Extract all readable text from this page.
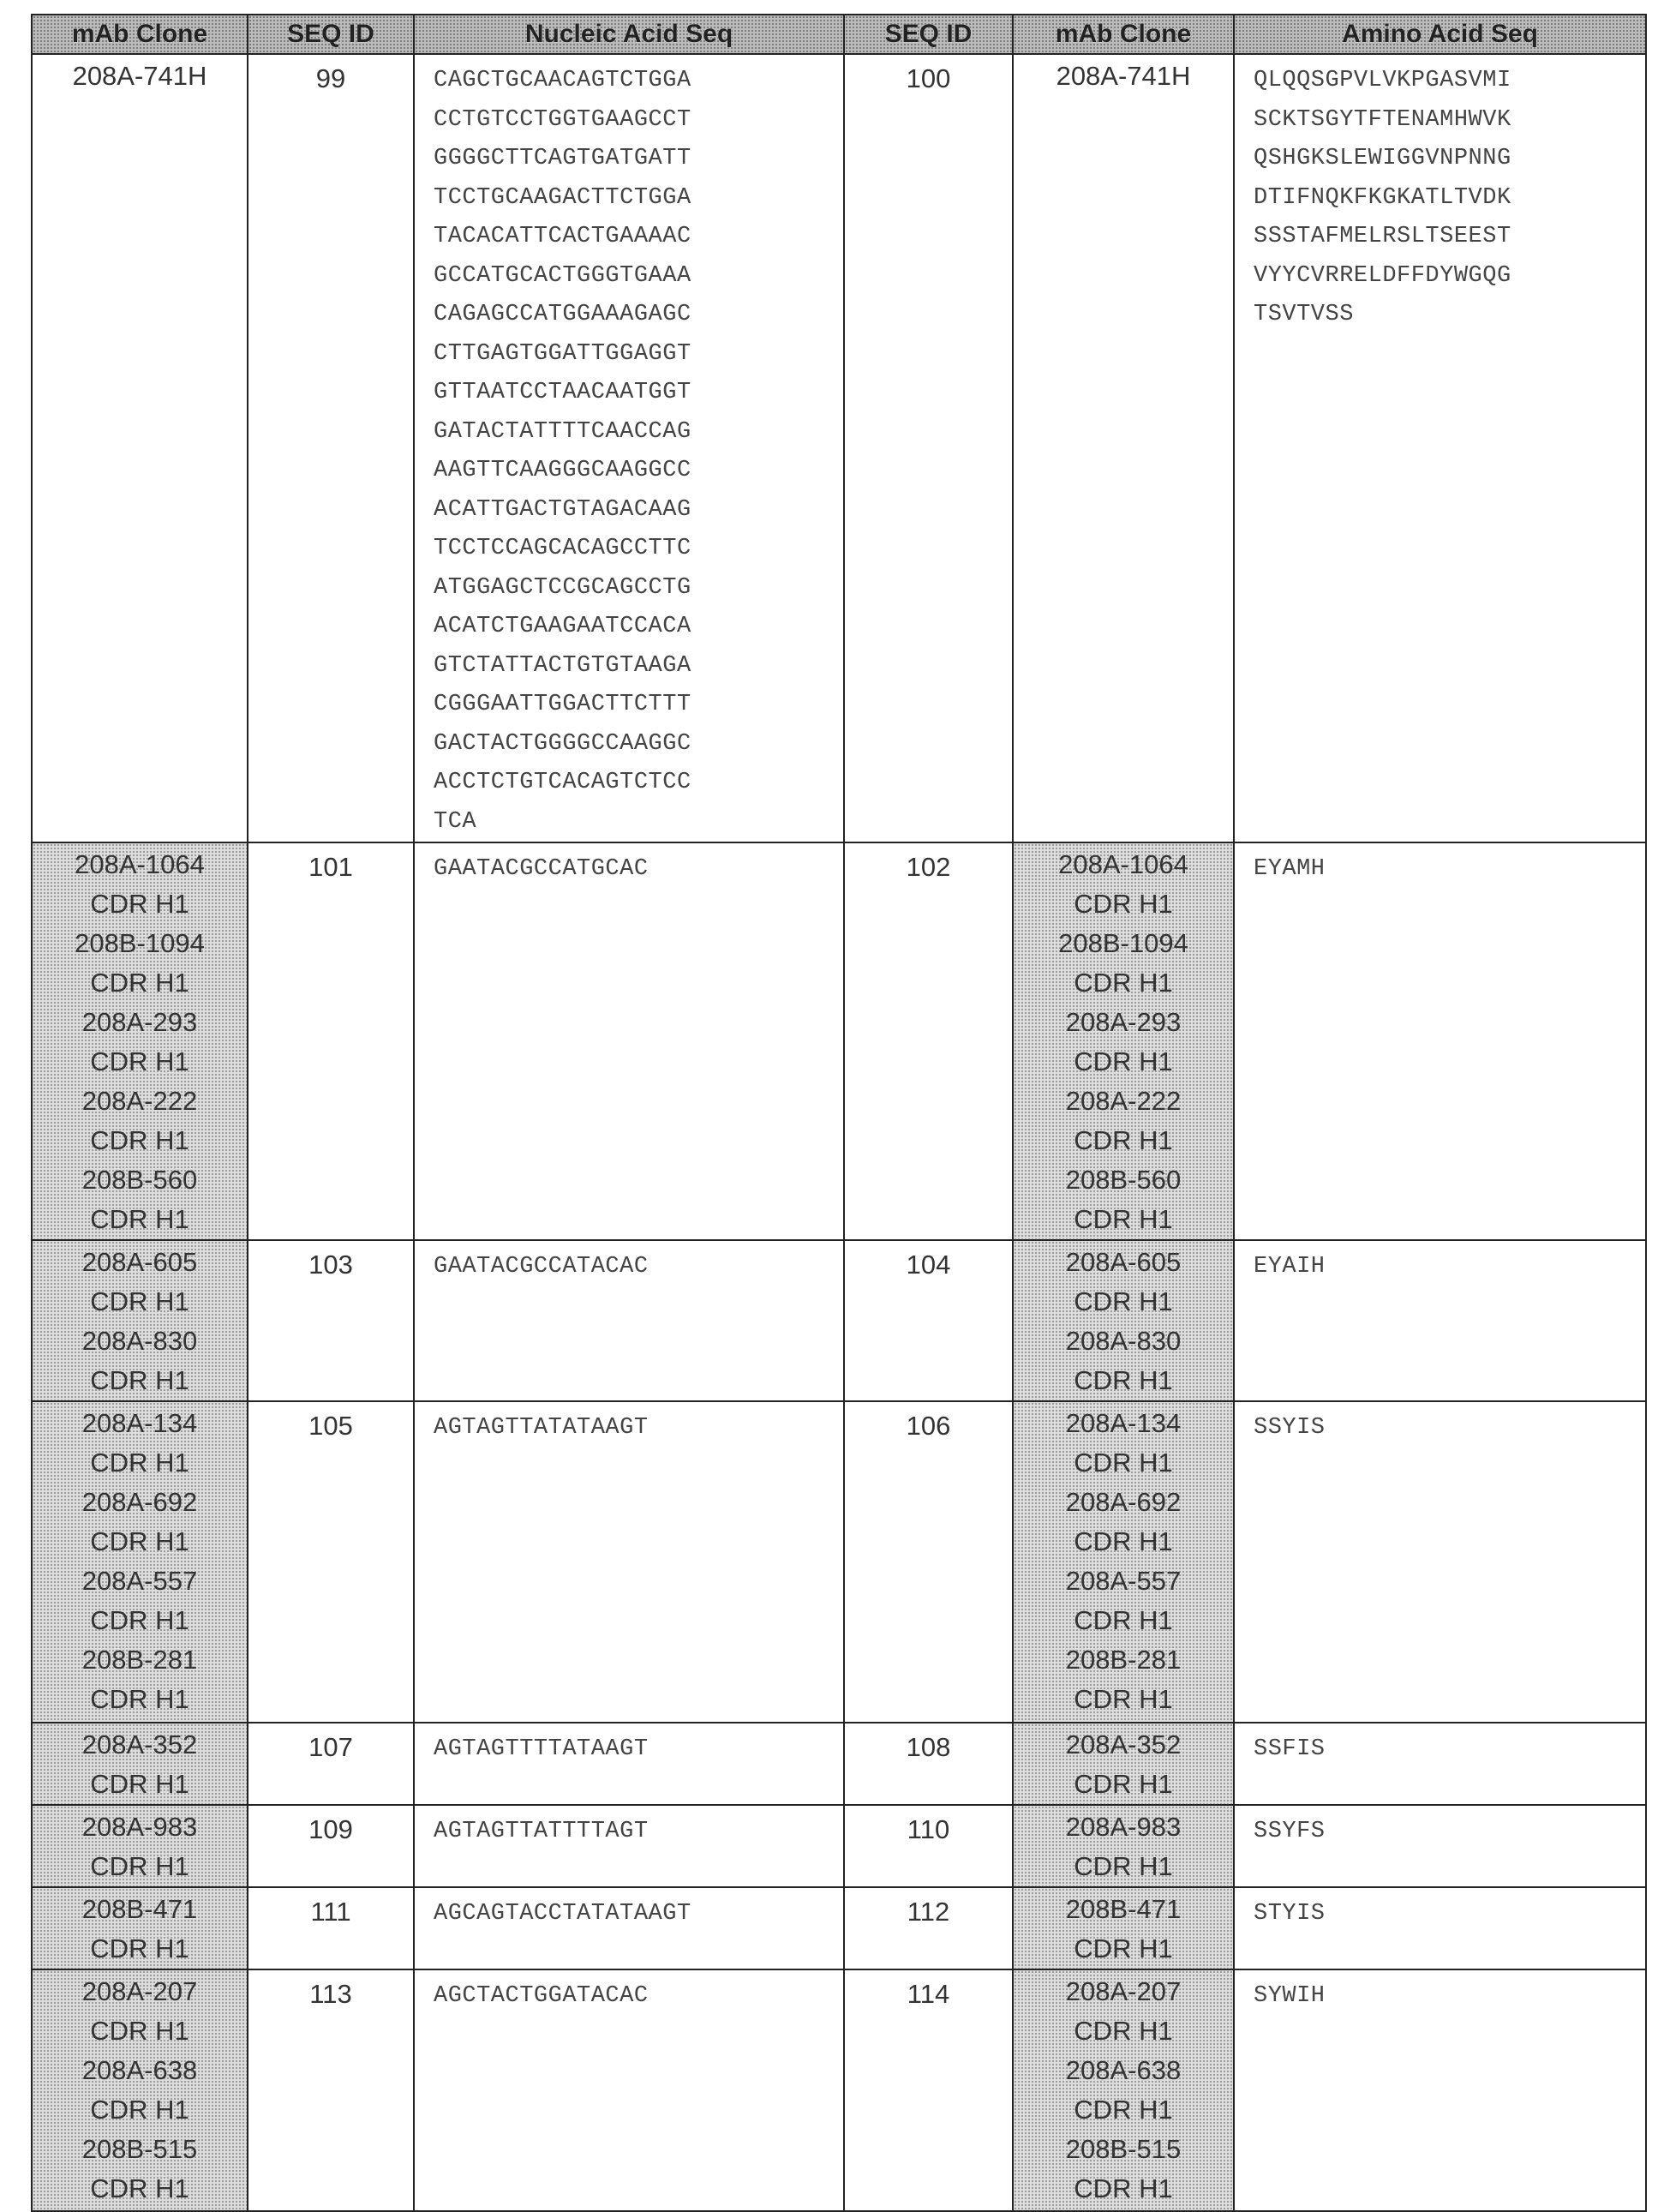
mAb Clone	SEQ ID	Nucleic Acid Seq	SEQ ID	mAb Clone	Amino Acid Seq

208A-741H	99	CAGCTGCAACAGTCTGGA
CCTGTCCTGGTGAAGCCT
GGGGCTTCAGTGATGATT
TCCTGCAAGACTTCTGGA
TACACATTCACTGAAAAC
GCCATGCACTGGGTGAAA
CAGAGCCATGGAAAGAGC
CTTGAGTGGATTGGAGGT
GTTAATCCTAACAATGGT
GATACTATTTTCAACCAG
AAGTTCAAGGGCAAGGCC
ACATTGACTGTAGACAAG
TCCTCCAGCACAGCCTTC
ATGGAGCTCCGCAGCCTG
ACATCTGAAGAATCCACA
GTCTATTACTGTGTAAGA
CGGGAATTGGACTTCTTT
GACTACTGGGGCCAAGGC
ACCTCTGTCACAGTCTCC
TCA
	100	208A-741H	QLQQSGPVLVKPGASVMI
SCKTSGYTFTENAMHWVK
QSHGKSLEWIGGVNPNNG
DTIFNQKFKGKATLTVDK
SSSTAFMELRSLTSEEST
VYYCVRRELDFFDYWGQG
TSVTVSS

208A-1064
CDR H1
208B-1094
CDR H1
208A-293
CDR H1
208A-222
CDR H1
208B-560
CDR H1
	101	GAATACGCCATGCAC	102	208A-1064
CDR H1
208B-1094
CDR H1
208A-293
CDR H1
208A-222
CDR H1
208B-560
CDR H1

EYAMH

208A-605
CDR H1
208A-830
CDR H1
	103	GAATACGCCATACAC	104	208A-605
CDR H1
208A-830
CDR H1

EYAIH

208A-134
CDR H1
208A-692
CDR H1
208A-557
CDR H1
208B-281
CDR H1
	105	AGTAGTTATATAAGT	106	208A-134
CDR H1
208A-692
CDR H1
208A-557
CDR H1
208B-281
CDR H1

SSYIS

208A-352
CDR H1
	107	AGTAGTTTTATAAGT	108	208A-352
CDR H1

SSFIS

208A-983
CDR H1
	109	AGTAGTTATTTTAGT	110	208A-983
CDR H1

SSYFS

208B-471
CDR H1
	111	AGCAGTACCTATATAAGT	112	208B-471
CDR H1

STYIS

208A-207
CDR H1
208A-638
CDR H1
208B-515
CDR H1
	113	AGCTACTGGATACAC	114	208A-207
CDR H1
208A-638
CDR H1
208B-515
CDR H1

SYWIH
